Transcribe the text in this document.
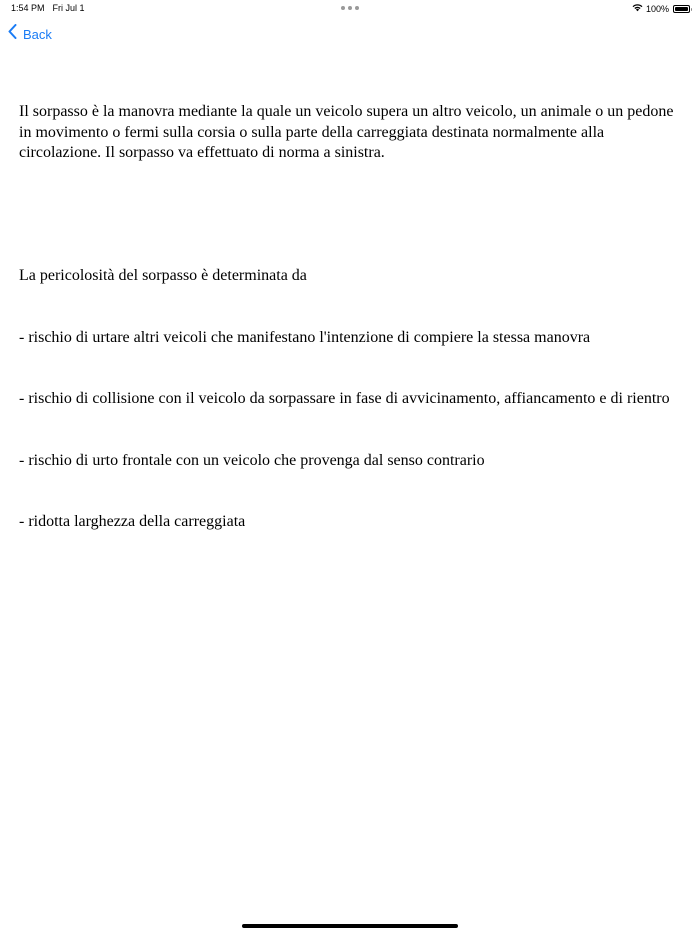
1:54 PM Fri Jul 1	100%
Back

Il sorpasso è la manovra mediante la quale un veicolo supera un altro veicolo, un animale o un pedone in movimento o fermi sulla corsia o sulla parte della carreggiata destinata normalmente alla circolazione. Il sorpasso va effettuato di norma a sinistra.

La pericolosità del sorpasso è determinata da

- rischio di urtare altri veicoli che manifestano l'intenzione di compiere la stessa manovra

- rischio di collisione con il veicolo da sorpassare in fase di avvicinamento, affiancamento e di rientro

- rischio di urto frontale con un veicolo che provenga dal senso contrario

- ridotta larghezza della carreggiata
